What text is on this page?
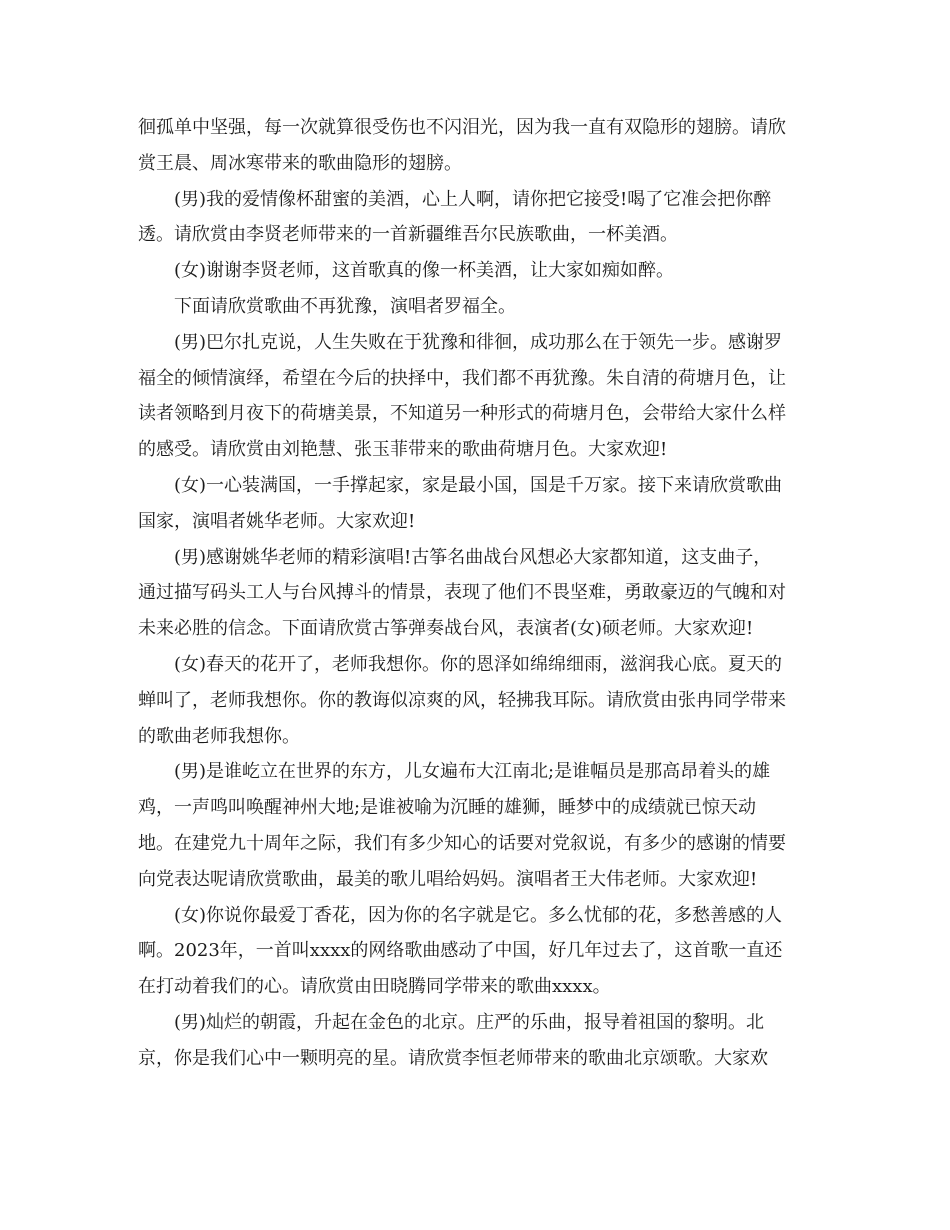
徊孤单中坚强，每一次就算很受伤也不闪泪光，因为我一直有双隐形的翅膀。请欣
赏王晨、周冰寒带来的歌曲隐形的翅膀。
(男)我的爱情像杯甜蜜的美酒，心上人啊，请你把它接受!喝了它准会把你醉
透。请欣赏由李贤老师带来的一首新疆维吾尔民族歌曲，一杯美酒。
(女)谢谢李贤老师，这首歌真的像一杯美酒，让大家如痴如醉。
下面请欣赏歌曲不再犹豫，演唱者罗福全。
(男)巴尔扎克说，人生失败在于犹豫和徘徊，成功那么在于领先一步。感谢罗
福全的倾情演绎，希望在今后的抉择中，我们都不再犹豫。朱自清的荷塘月色，让
读者领略到月夜下的荷塘美景，不知道另一种形式的荷塘月色，会带给大家什么样
的感受。请欣赏由刘艳慧、张玉菲带来的歌曲荷塘月色。大家欢迎!
(女)一心装满国，一手撑起家，家是最小国，国是千万家。接下来请欣赏歌曲
国家，演唱者姚华老师。大家欢迎!
(男)感谢姚华老师的精彩演唱!古筝名曲战台风想必大家都知道，这支曲子，
通过描写码头工人与台风搏斗的情景，表现了他们不畏坚难，勇敢豪迈的气魄和对
未来必胜的信念。下面请欣赏古筝弹奏战台风，表演者(女)硕老师。大家欢迎!
(女)春天的花开了，老师我想你。你的恩泽如绵绵细雨，滋润我心底。夏天的
蝉叫了，老师我想你。你的教诲似凉爽的风，轻拂我耳际。请欣赏由张冉同学带来
的歌曲老师我想你。
(男)是谁屹立在世界的东方，儿女遍布大江南北;是谁幅员是那高昂着头的雄
鸡，一声鸣叫唤醒神州大地;是谁被喻为沉睡的雄狮，睡梦中的成绩就已惊天动
地。在建党九十周年之际，我们有多少知心的话要对党叙说，有多少的感谢的情要
向党表达呢请欣赏歌曲，最美的歌儿唱给妈妈。演唱者王大伟老师。大家欢迎!
(女)你说你最爱丁香花，因为你的名字就是它。多么忧郁的花，多愁善感的人
啊。2023年，一首叫xxxx的网络歌曲感动了中国，好几年过去了，这首歌一直还
在打动着我们的心。请欣赏由田晓腾同学带来的歌曲xxxx。
(男)灿烂的朝霞，升起在金色的北京。庄严的乐曲，报导着祖国的黎明。北
京，你是我们心中一颗明亮的星。请欣赏李恒老师带来的歌曲北京颂歌。大家欢
